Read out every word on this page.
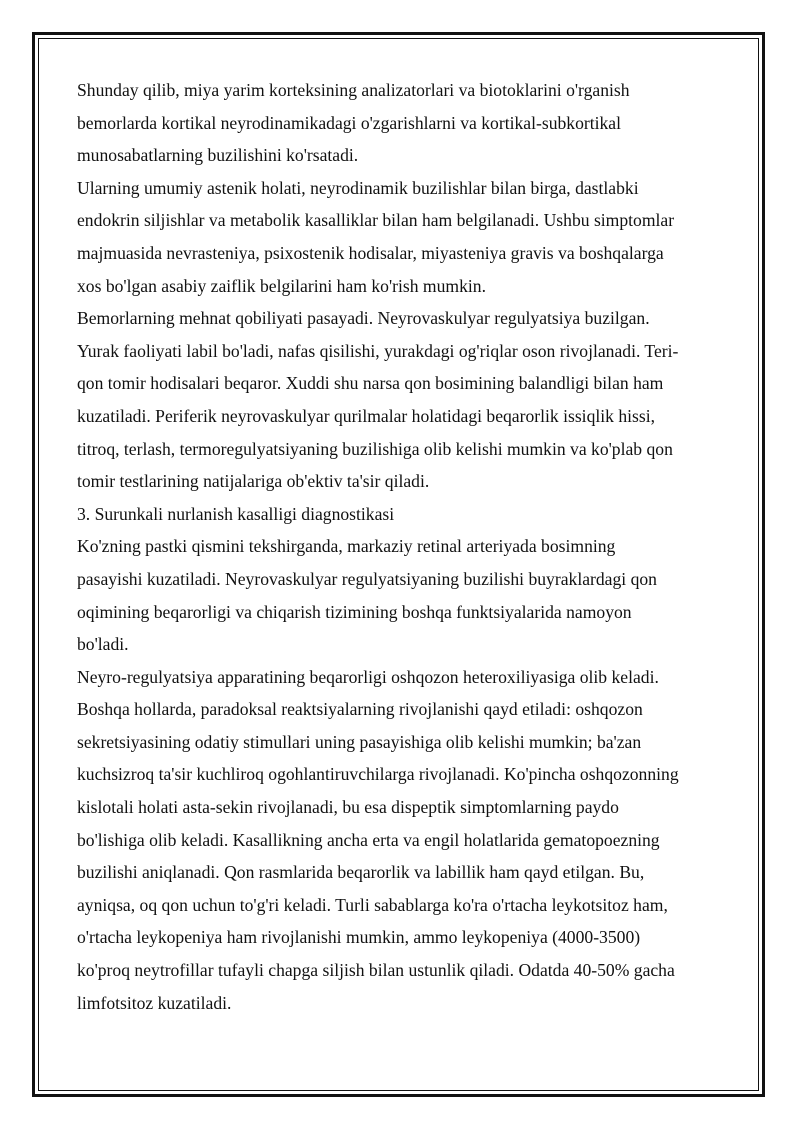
Shunday qilib, miya yarim korteksining analizatorlari va biotoklarini o'rganish
bemorlarda kortikal neyrodinamikadagi o'zgarishlarni va kortikal-subkortikal
munosabatlarning buzilishini ko'rsatadi.
Ularning umumiy astenik holati, neyrodinamik buzilishlar bilan birga, dastlabki
endokrin siljishlar va metabolik kasalliklar bilan ham belgilanadi. Ushbu simptomlar
majmuasida nevrasteniya, psixostenik hodisalar, miyasteniya gravis va boshqalarga
xos bo'lgan asabiy zaiflik belgilarini ham ko'rish mumkin.
Bemorlarning mehnat qobiliyati pasayadi. Neyrovaskulyar regulyatsiya buzilgan.
Yurak faoliyati labil bo'ladi, nafas qisilishi, yurakdagi og'riqlar oson rivojlanadi. Teri-
qon tomir hodisalari beqaror. Xuddi shu narsa qon bosimining balandligi bilan ham
kuzatiladi. Periferik neyrovaskulyar qurilmalar holatidagi beqarorlik issiqlik hissi,
titroq, terlash, termoregulyatsiyaning buzilishiga olib kelishi mumkin va ko'plab qon
tomir testlarining natijalariga ob'ektiv ta'sir qiladi.
3. Surunkali nurlanish kasalligi diagnostikasi
Ko'zning pastki qismini tekshirganda, markaziy retinal arteriyada bosimning
pasayishi kuzatiladi. Neyrovaskulyar regulyatsiyaning buzilishi buyraklardagi qon
oqimining beqarorligi va chiqarish tizimining boshqa funktsiyalarida namoyon
bo'ladi.
Neyro-regulyatsiya apparatining beqarorligi oshqozon heteroxiliyasiga olib keladi.
Boshqa hollarda, paradoksal reaktsiyalarning rivojlanishi qayd etiladi: oshqozon
sekretsiyasining odatiy stimullari uning pasayishiga olib kelishi mumkin; ba'zan
kuchsizroq ta'sir kuchliroq ogohlantiruvchilarga rivojlanadi. Ko'pincha oshqozonning
kislotali holati asta-sekin rivojlanadi, bu esa dispeptik simptomlarning paydo
bo'lishiga olib keladi. Kasallikning ancha erta va engil holatlarida gematopoezning
buzilishi aniqlanadi. Qon rasmlarida beqarorlik va labillik ham qayd etilgan. Bu,
ayniqsa, oq qon uchun to'g'ri keladi. Turli sabablarga ko'ra o'rtacha leykotsitoz ham,
o'rtacha leykopeniya ham rivojlanishi mumkin, ammo leykopeniya (4000-3500)
ko'proq neytrofillar tufayli chapga siljish bilan ustunlik qiladi. Odatda 40-50% gacha
limfotsitoz kuzatiladi.
